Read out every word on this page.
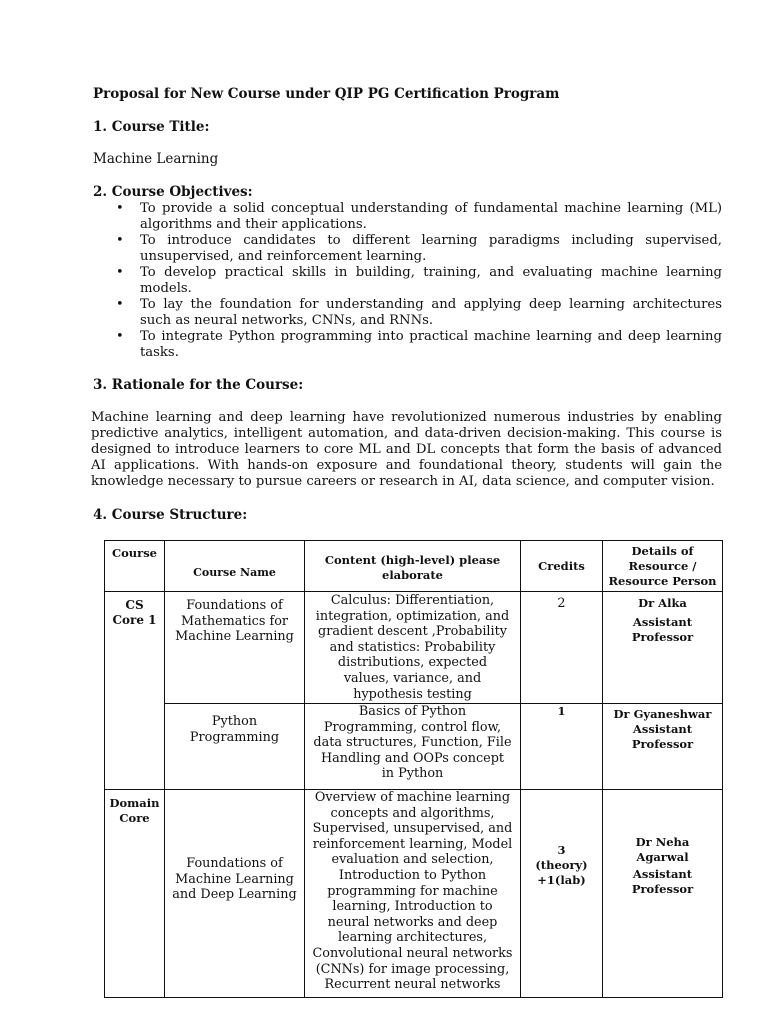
Proposal for New Course under QIP PG Certification Program
1. Course Title:
Machine Learning
2. Course Objectives:
• To provide a solid conceptual understanding of fundamental machine learning (ML) algorithms and their applications.
• To introduce candidates to different learning paradigms including supervised, unsupervised, and reinforcement learning.
• To develop practical skills in building, training, and evaluating machine learning models.
• To lay the foundation for understanding and applying deep learning architectures such as neural networks, CNNs, and RNNs.
• To integrate Python programming into practical machine learning and deep learning tasks.
3. Rationale for the Course:
Machine learning and deep learning have revolutionized numerous industries by enabling predictive analytics, intelligent automation, and data-driven decision-making. This course is designed to introduce learners to core ML and DL concepts that form the basis of advanced AI applications. With hands-on exposure and foundational theory, students will gain the knowledge necessary to pursue careers or research in AI, data science, and computer vision.
4. Course Structure:
Course	Course Name	Content (high-level) please elaborate	Credits	Details of Resource / Resource Person
CS Core 1	Foundations of Mathematics for Machine Learning	Calculus: Differentiation, integration, optimization, and gradient descent ,Probability and statistics: Probability distributions, expected values, variance, and hypothesis testing	2	Dr Alka
Assistant Professor

	Python Programming	Basics of Python Programming, control flow, data structures, Function, File Handling and OOPs concept in Python	1	Dr Gyaneshwar
Assistant Professor

Domain Core	Foundations of Machine Learning and Deep Learning	Overview of machine learning concepts and algorithms, Supervised, unsupervised, and reinforcement learning, Model evaluation and selection, Introduction to Python programming for machine learning, Introduction to neural networks and deep learning architectures, Convolutional neural networks (CNNs) for image processing, Recurrent neural networks	3 (theory) +1(lab)	Dr Neha Agarwal
Assistant Professor
